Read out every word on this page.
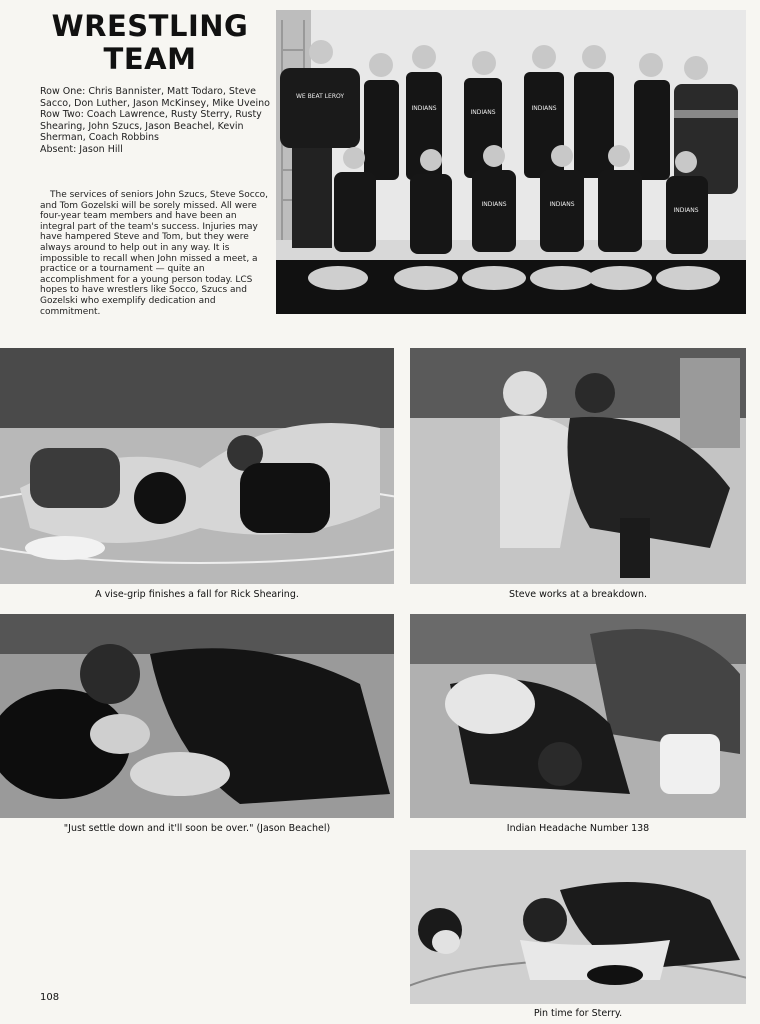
WRESTLING
TEAM
Row One: Chris Bannister, Matt Todaro, Steve Sacco, Don Luther, Jason McKinsey, Mike Uveino
Row Two: Coach Lawrence, Rusty Sterry, Rusty Shearing, John Szucs, Jason Beachel, Kevin Sherman, Coach Robbins
Absent: Jason Hill
The services of seniors John Szucs, Steve Socco, and Tom Gozelski will be sorely missed. All were four-year team members and have been an integral part of the team's success. Injuries may have hampered Steve and Tom, but they were always around to help out in any way. It is impossible to recall when John missed a meet, a practice or a tournament — quite an accomplishment for a young person today. LCS hopes to have wrestlers like Socco, Szucs and Gozelski who exemplify dedication and commitment.
WE BEAT LEROY
INDIANS
INDIANS
INDIANS
INDIANS	INDIANS
INDIANS
A vise-grip finishes a fall for Rick Shearing.	Steve works at a breakdown.
"Just settle down and it'll soon be over." (Jason Beachel)	Indian Headache Number 138
Pin time for Sterry.
108
